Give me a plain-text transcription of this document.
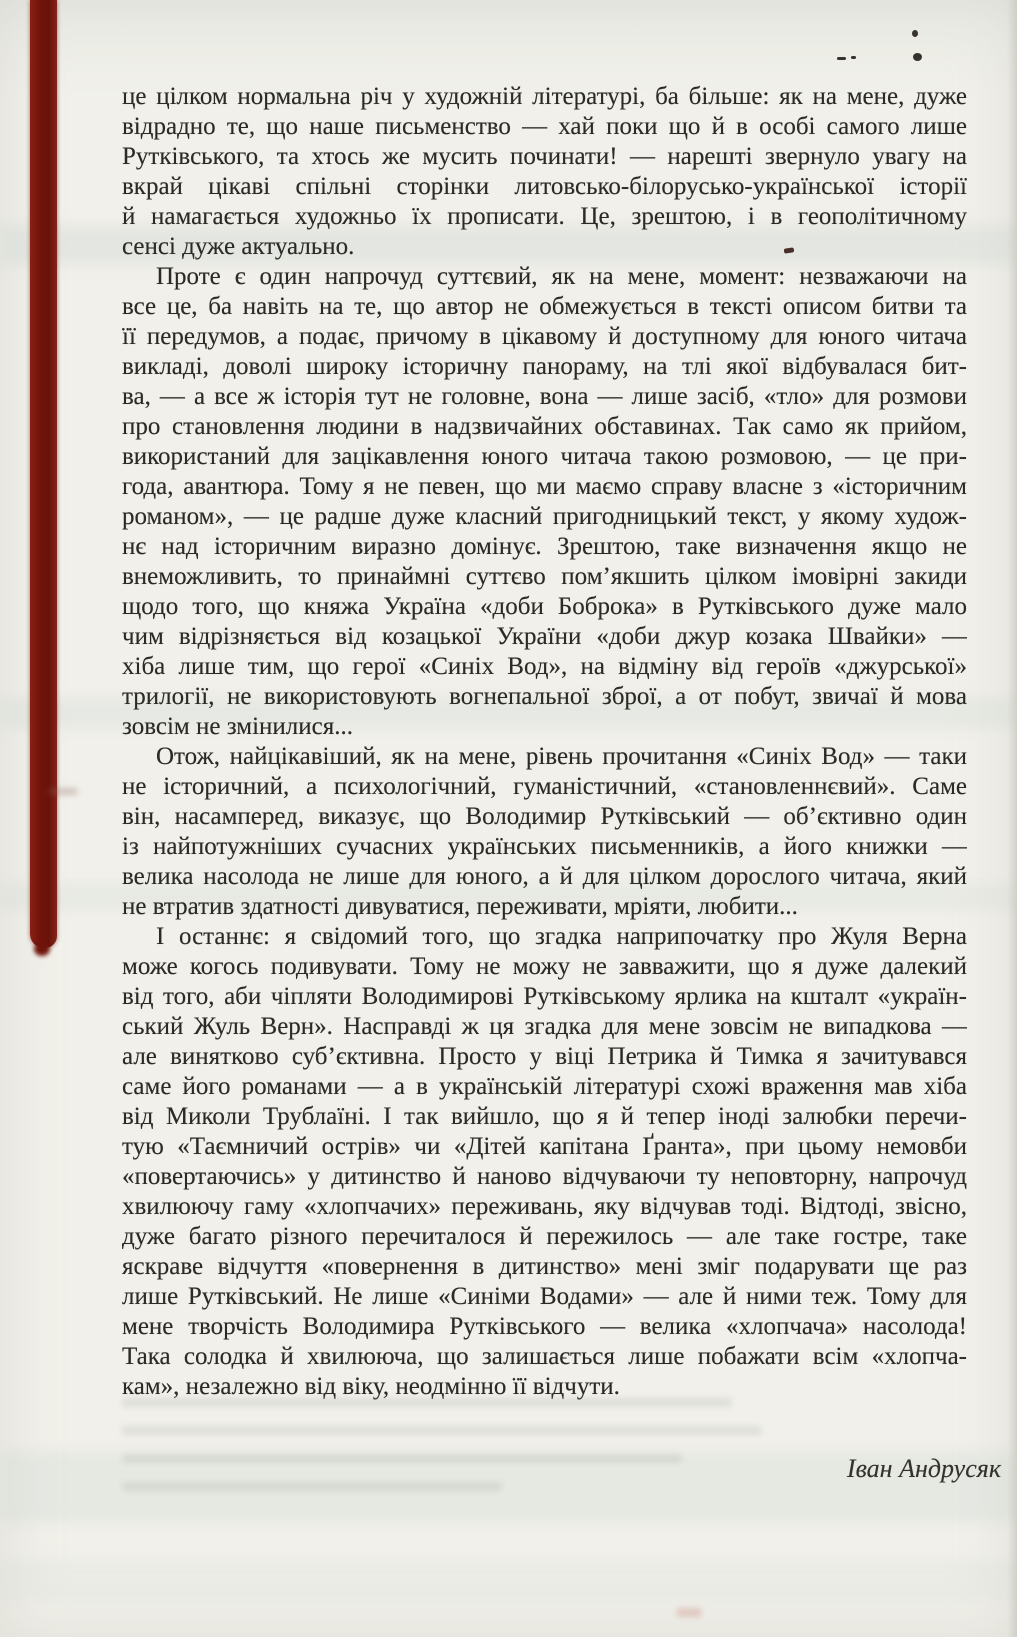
це цілком нормальна річ у художній літературі, ба більше: як на мене, дуже
відрадно те, що наше письменство — хай поки що й в особі самого лише
Рутківського, та хтось же мусить починати! — нарешті звернуло увагу на
вкрай цікаві спільні сторінки литовсько-білорусько-української історії
й намагається художньо їх прописати. Це, зрештою, і в геополітичному
сенсі дуже актуально.
Проте є один напрочуд суттєвий, як на мене, момент: незважаючи на
все це, ба навіть на те, що автор не обмежується в тексті описом битви та
її передумов, а подає, причому в цікавому й доступному для юного читача
викладі, доволі широку історичну панораму, на тлі якої відбувалася бит-
ва, — а все ж історія тут не головне, вона — лише засіб, «тло» для розмови
про становлення людини в надзвичайних обставинах. Так само як прийом,
використаний для зацікавлення юного читача такою розмовою, — це при-
года, авантюра. Тому я не певен, що ми маємо справу власне з «історичним
романом», — це радше дуже класний пригодницький текст, у якому худож-
нє над історичним виразно домінує. Зрештою, таке визначення якщо не
внеможливить, то принаймні суттєво пом’якшить цілком імовірні закиди
щодо того, що княжа Україна «доби Боброка» в Рутківського дуже мало
чим відрізняється від козацької України «доби джур козака Швайки» —
хіба лише тим, що герої «Синіх Вод», на відміну від героїв «джурської»
трилогії, не використовують вогнепальної зброї, а от побут, звичаї й мова
зовсім не змінилися...
Отож, найцікавіший, як на мене, рівень прочитання «Синіх Вод» — таки
не історичний, а психологічний, гуманістичний, «становленнєвий». Саме
він, насамперед, виказує, що Володимир Рутківський — об’єктивно один
із найпотужніших сучасних українських письменників, а його книжки —
велика насолода не лише для юного, а й для цілком дорослого читача, який
не втратив здатності дивуватися, переживати, мріяти, любити...
І останнє: я свідомий того, що згадка наприпочатку про Жуля Верна
може когось подивувати. Тому не можу не завважити, що я дуже далекий
від того, аби чіпляти Володимирові Рутківському ярлика на кшталт «україн-
ський Жуль Верн». Насправді ж ця згадка для мене зовсім не випадкова —
але винятково суб’єктивна. Просто у віці Петрика й Тимка я зачитувався
саме його романами — а в українській літературі схожі враження мав хіба
від Миколи Трублаїні. І так вийшло, що я й тепер іноді залюбки перечи-
тую «Таємничий острів» чи «Дітей капітана Ґранта», при цьому немовби
«повертаючись» у дитинство й наново відчуваючи ту неповторну, напрочуд
хвилюючу гаму «хлопчачих» переживань, яку відчував тоді. Відтоді, звісно,
дуже багато різного перечиталося й пережилось — але таке гостре, таке
яскраве відчуття «повернення в дитинство» мені зміг подарувати ще раз
лише Рутківський. Не лише «Синіми Водами» — але й ними теж. Тому для
мене творчість Володимира Рутківського — велика «хлопчача» насолода!
Така солодка й хвилююча, що залишається лише побажати всім «хлопча-
кам», незалежно від віку, неодмінно її відчути.
Іван Андрусяк
